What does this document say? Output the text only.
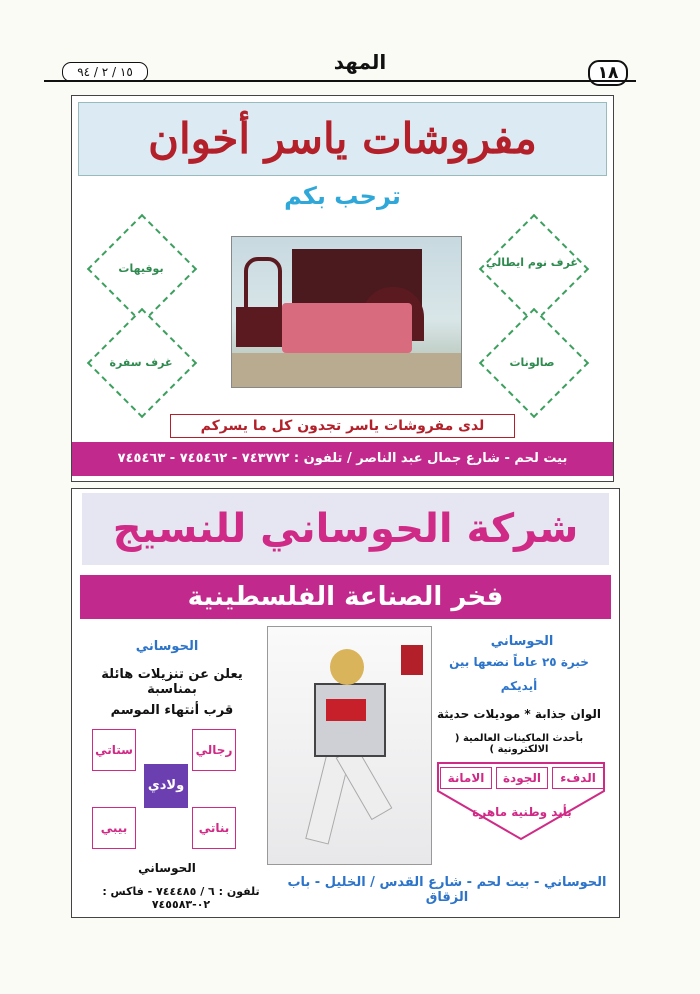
١٨
المهد
١٥ / ٢ / ٩٤
مفروشات ياسر أخوان
ترحب بكم
بوفيهات
غرف سفرة
غرف نوم ايطالي
صالونات
لدى مفروشات ياسر تجدون كل ما يسركم
بيت لحم - شارع جمال عبد الناصر / تلفون : ٧٤٣٧٧٢ - ٧٤٥٤٦٢ - ٧٤٥٤٦٣
شركة الحوساني للنسيج
فخر الصناعة الفلسطينية
الحوساني
يعلن عن تنزيلات هائلة بمناسبة
قرب أنتهاء الموسم
ستاتي	رجالي
ولادي
بيبي	بناتي
الحوساني
تلفون : ٦ / ٧٤٤٤٨٥ - فاكس : ٠٢-٧٤٥٥٨٣
الحوساني
خبرة ٢٥ عاماً نضعها بين
أيديكم
الوان جذابة * موديلات حديثة
بأحدث الماكينات العالمية ( الالكترونية )
الدفء
الجودة
الامانة
بأيد وطنية ماهرة
الحوساني - بيت لحم - شارع القدس / الخليل - باب الزقاق
